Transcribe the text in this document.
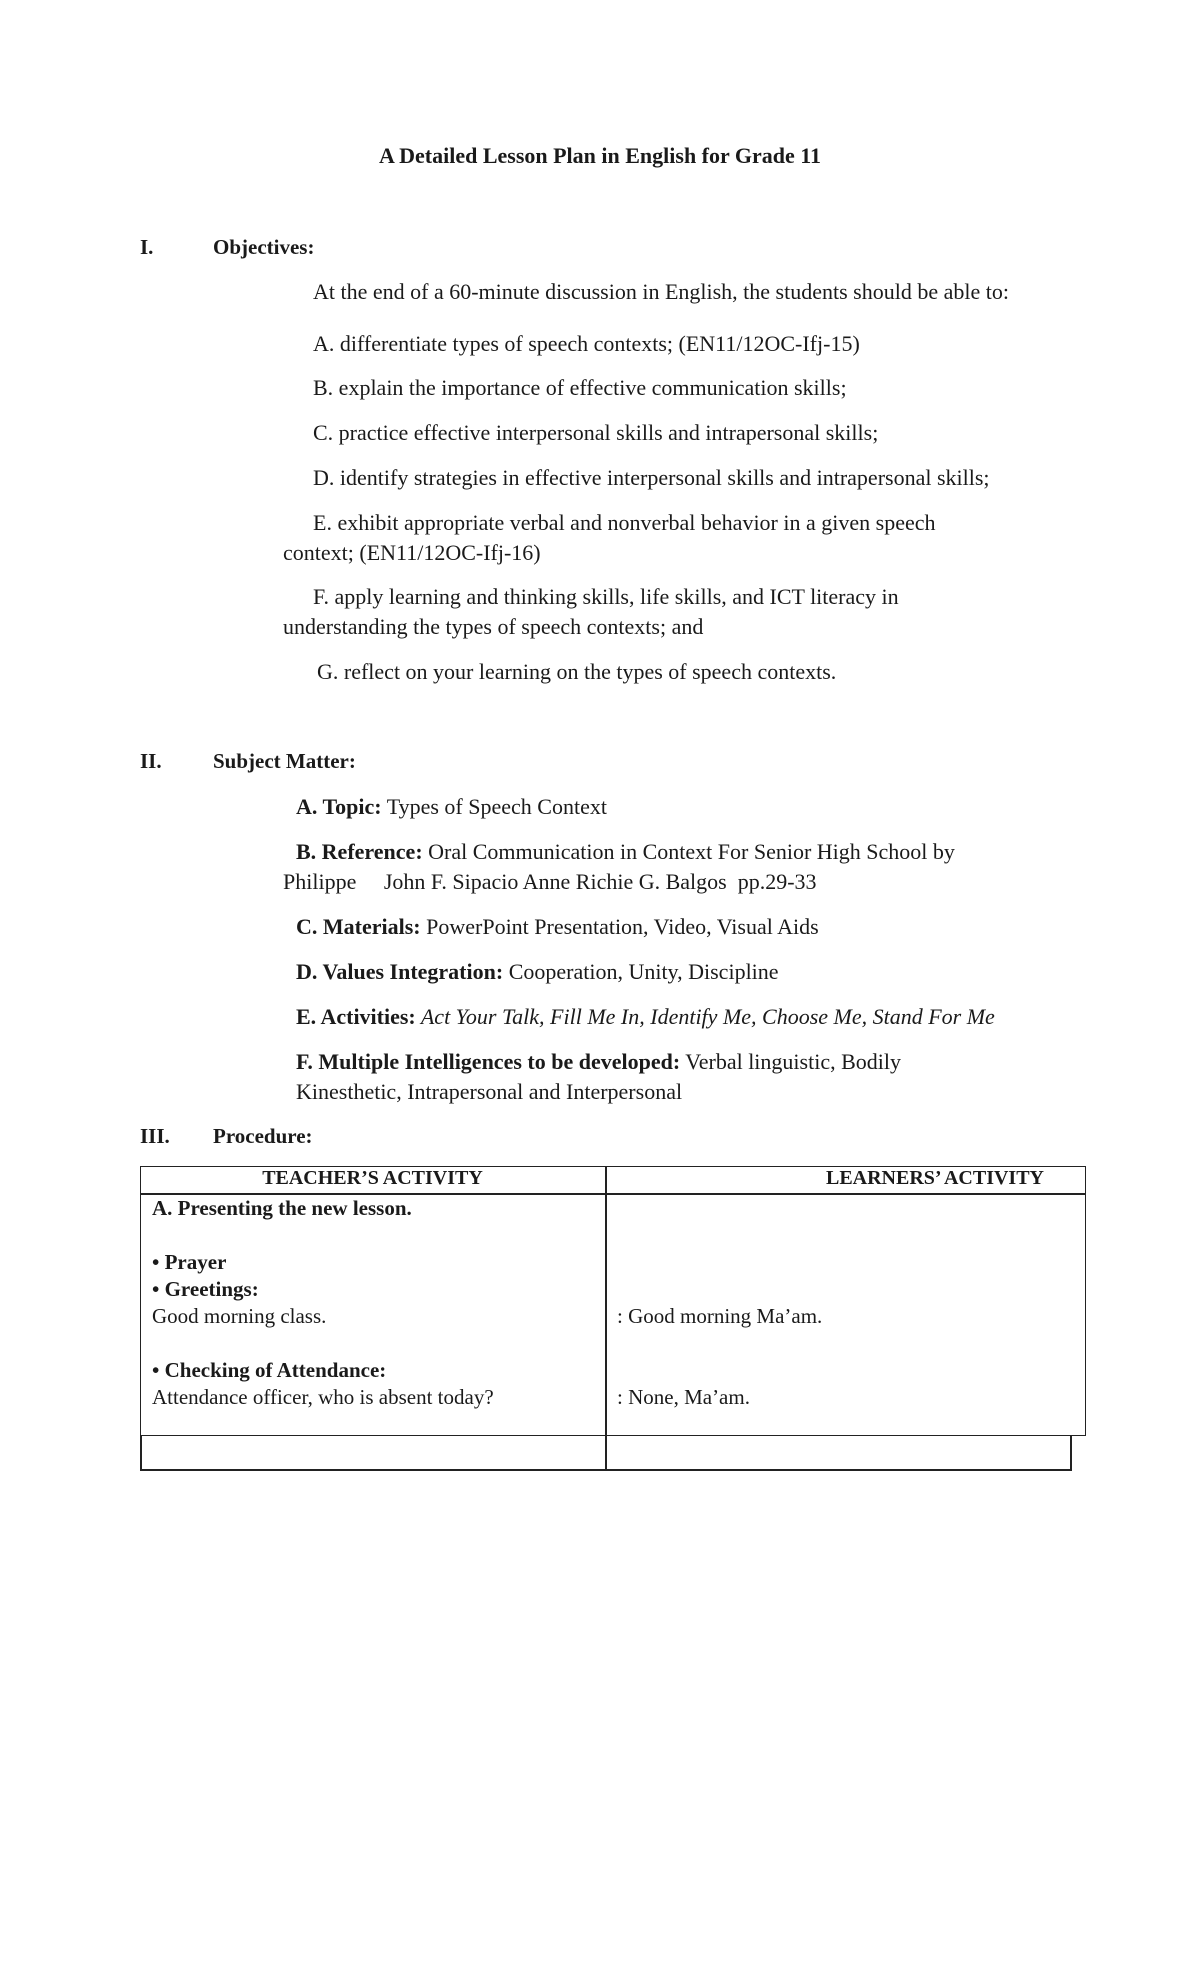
A Detailed Lesson Plan in English for Grade 11
I.	Objectives:
At the end of a 60-minute discussion in English, the students should be able to:
A. differentiate types of speech contexts; (EN11/12OC-Ifj-15)
B. explain the importance of effective communication skills;
C. practice effective interpersonal skills and intrapersonal skills;
D. identify strategies in effective interpersonal skills and intrapersonal skills;
E. exhibit appropriate verbal and nonverbal behavior in a given speech
context; (EN11/12OC-Ifj-16)
F. apply learning and thinking skills, life skills, and ICT literacy in
understanding the types of speech contexts; and
G. reflect on your learning on the types of speech contexts.
II. Subject Matter:
A. Topic: Types of Speech Context
B. Reference: Oral Communication in Context For Senior High School by
Philippe     John F. Sipacio Anne Richie G. Balgos  pp.29-33
C. Materials: PowerPoint Presentation, Video, Visual Aids
D. Values Integration: Cooperation, Unity, Discipline
E. Activities: Act Your Talk, Fill Me In, Identify Me, Choose Me, Stand For Me
F. Multiple Intelligences to be developed: Verbal linguistic, Bodily
Kinesthetic, Intrapersonal and Interpersonal
III. Procedure:
TEACHER’S ACTIVITY	LEARNERS’ ACTIVITY
A. Presenting the new lesson.
• Prayer
• Greetings:
Good morning class.	: Good morning Ma’am.
• Checking of Attendance:
Attendance officer, who is absent today?	: None, Ma’am.
